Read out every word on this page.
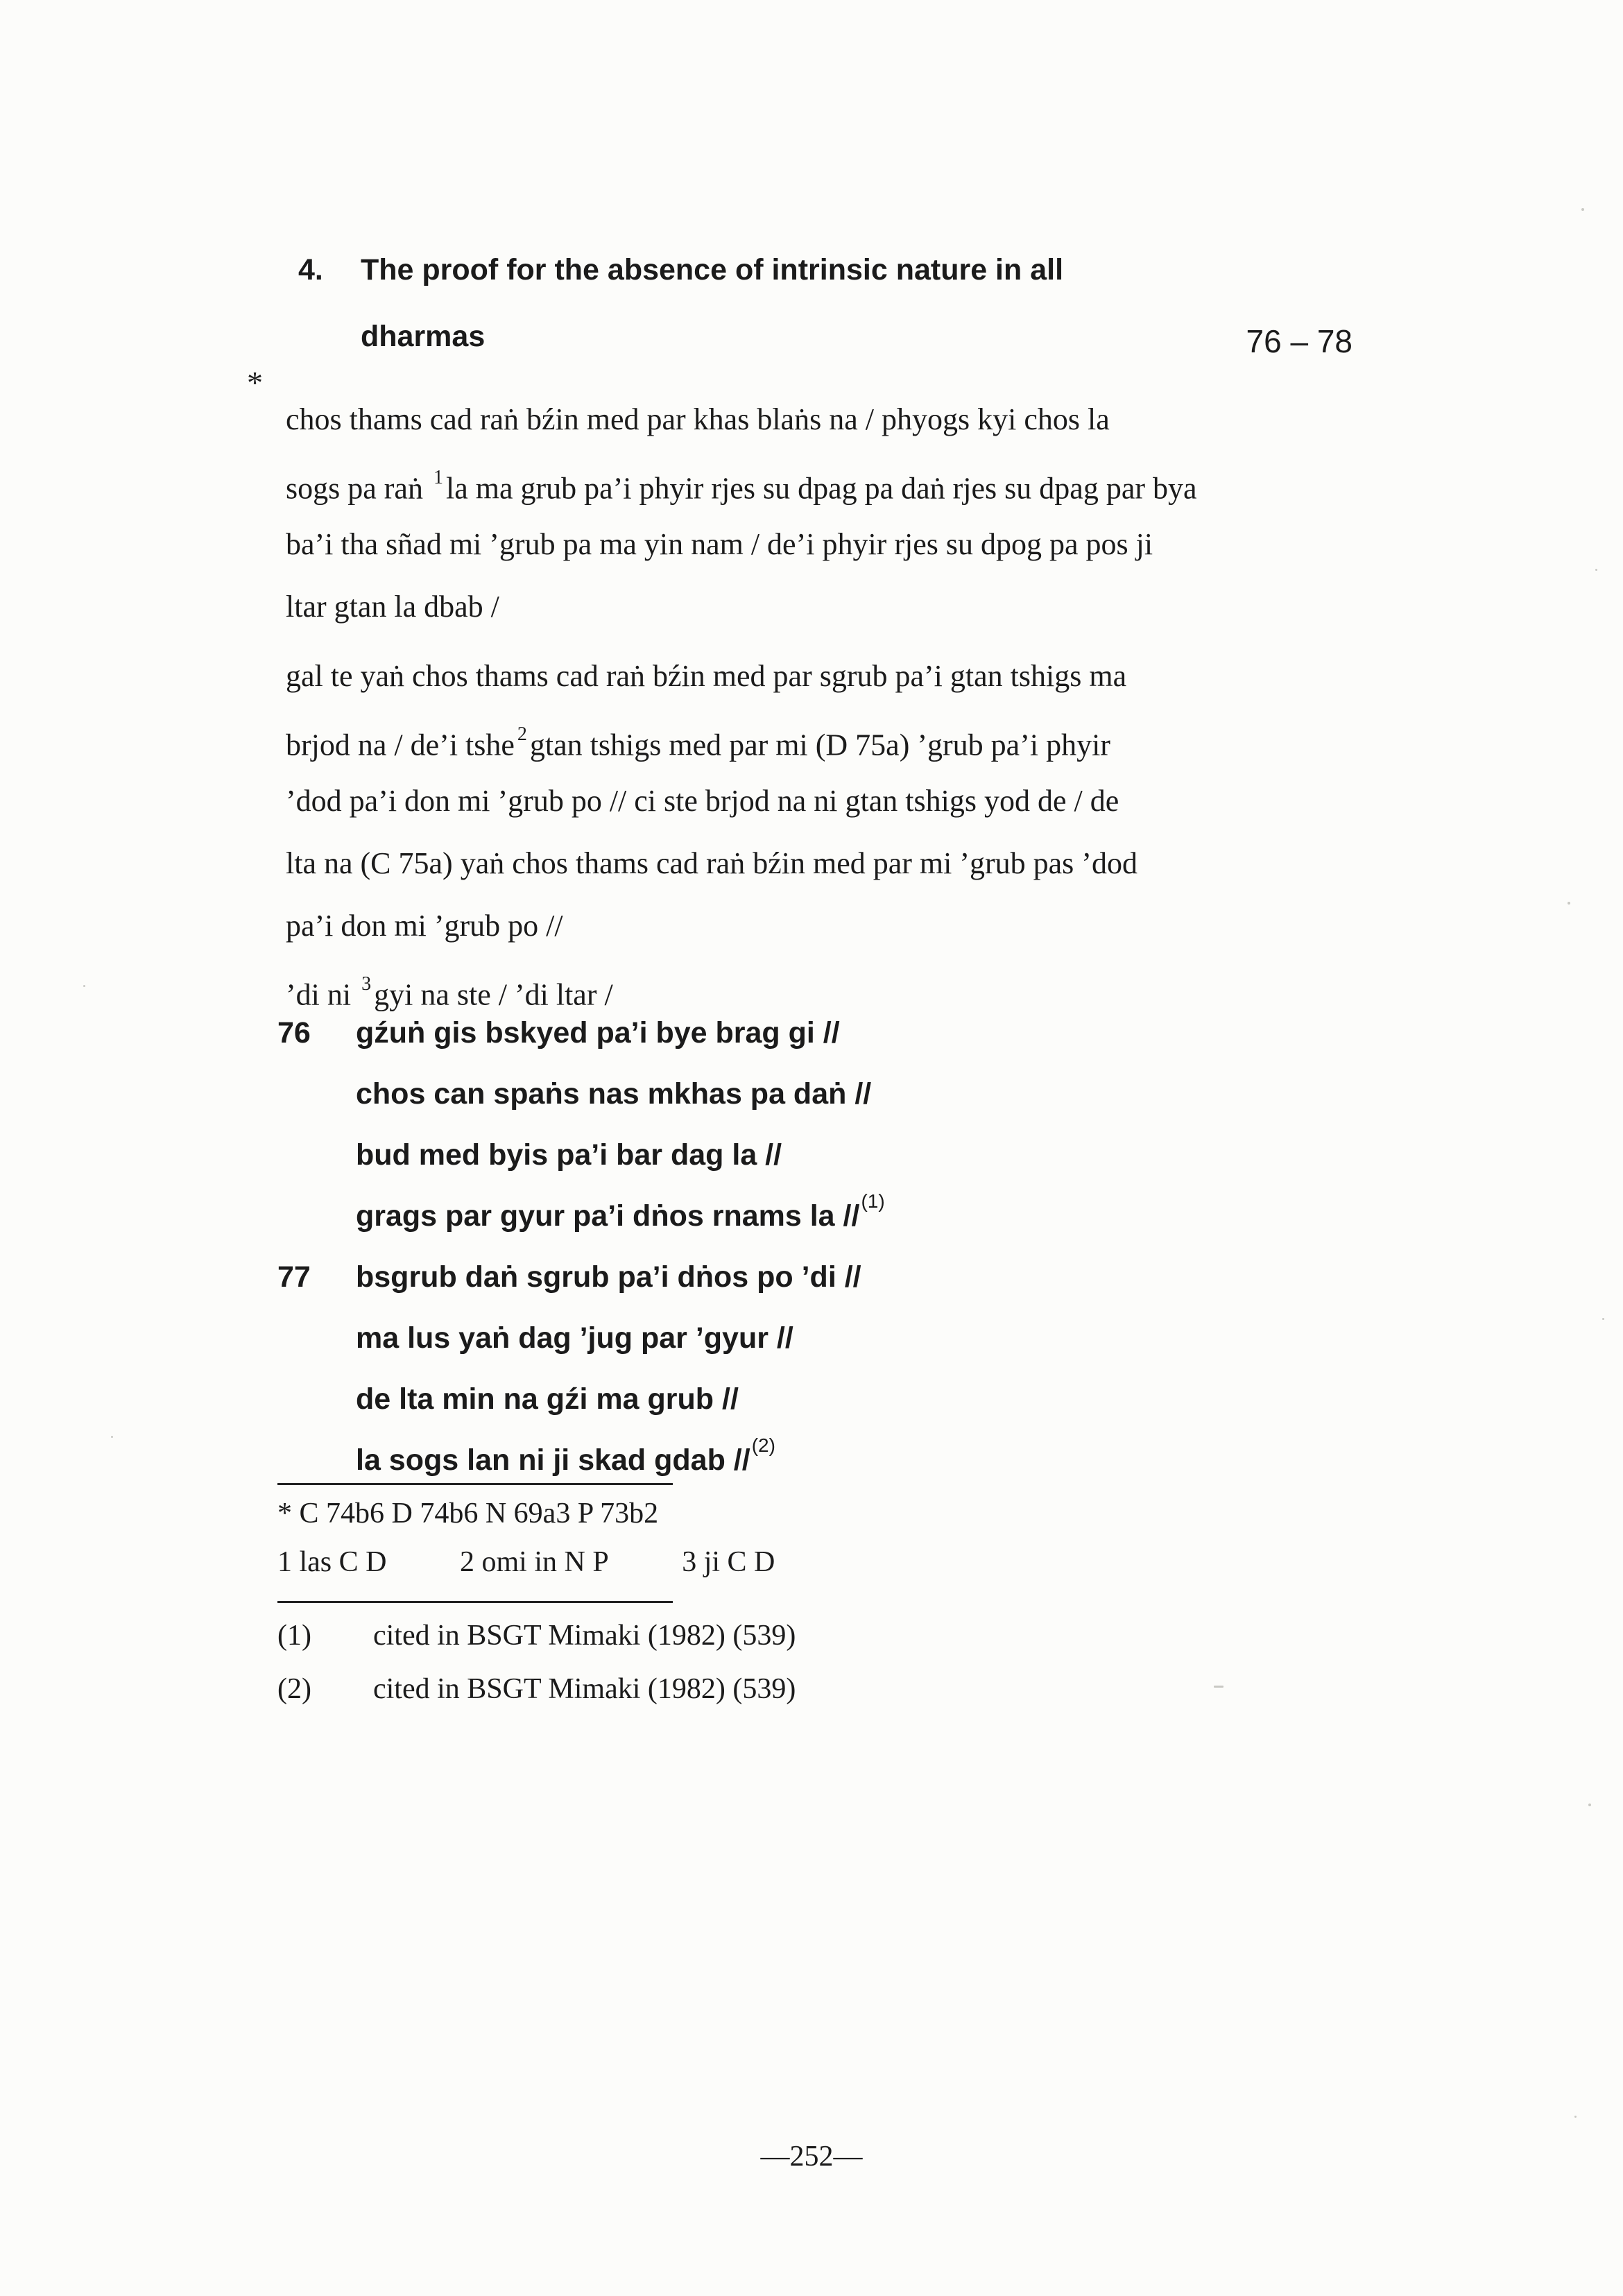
4. The proof for the absence of intrinsic nature in all
dharmas	76 – 78
*
chos thams cad raṅ bźin med par khas blaṅs na / phyogs kyi chos la
sogs pa raṅ $^1$la ma grub pa’i phyir rjes su dpag pa daṅ rjes su dpag par bya
ba’i tha sñad mi ’grub pa ma yin nam / de’i phyir rjes su dpog pa pos ji
ltar gtan la dbab /
gal te yaṅ chos thams cad raṅ bźin med par sgrub pa’i gtan tshigs ma
brjod na / de’i tshe $^2$gtan tshigs med par mi (D 75a) ’grub pa’i phyir
’dod pa’i don mi ’grub po // ci ste brjod na ni gtan tshigs yod de / de
lta na (C 75a) yaṅ chos thams cad raṅ bźin med par mi ’grub pas ’dod
pa’i don mi ’grub po //
’di ni $^3$gyi na ste / ’di ltar /
76	gźuṅ gis bskyed pa’i bye brag gi //
chos can spaṅs nas mkhas pa daṅ //
bud med byis pa’i bar dag la //
grags par gyur pa’i dṅos rnams la //$^{(1)}$
77	bsgrub daṅ sgrub pa’i dṅos po ’di //
ma lus yaṅ dag ’jug par ’gyur //
de lta min na gźi ma grub //
la sogs lan ni ji skad gdab //$^{(2)}$
* C 74b6 D 74b6 N 69a3 P 73b2
1 las C D	2 omi in N P	3 ji C D
(1) cited in BSGT Mimaki (1982) (539)
(2) cited in BSGT Mimaki (1982) (539)
—252—
